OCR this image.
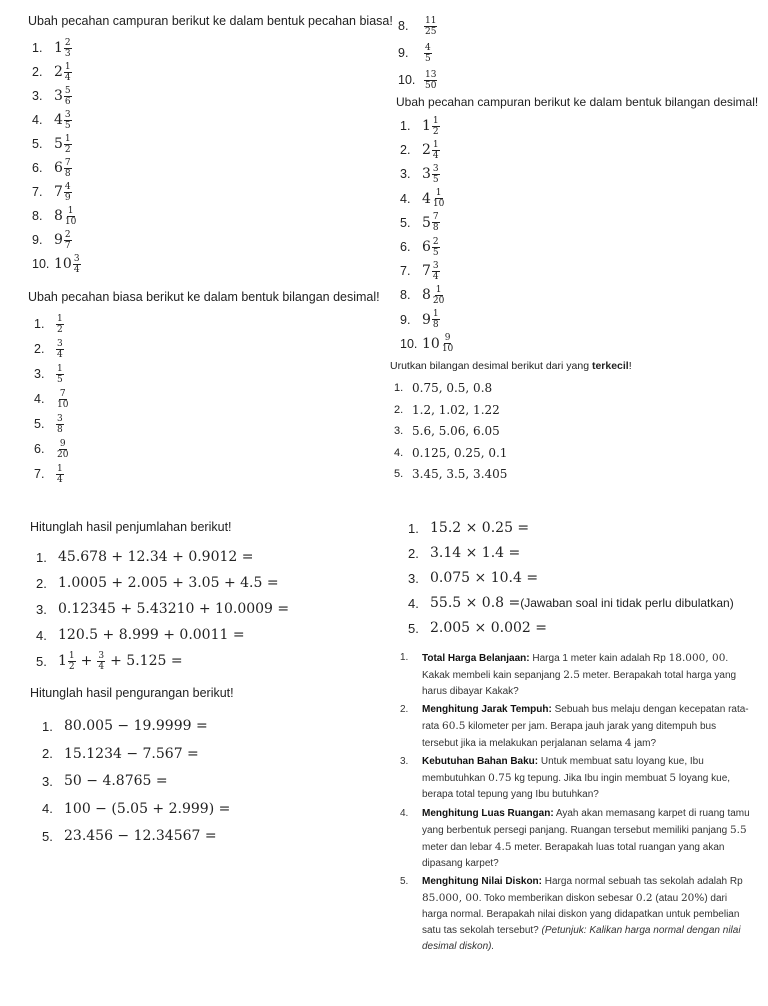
Ubah pecahan campuran berikut ke dalam bentuk pecahan biasa!
1. $1 \frac{2}{3}$
2. $2 \frac{1}{4}$
3. $3 \frac{5}{6}$
4. $4 \frac{3}{5}$
5. $5 \frac{1}{2}$
6. $6 \frac{7}{8}$
7. $7 \frac{4}{9}$
8. $8 \frac{1}{10}$
9. $9 \frac{2}{7}$
10. $10 \frac{3}{4}$
Ubah pecahan biasa berikut ke dalam bentuk bilangan desimal!
1.	$\frac{1}{2}$
2.	$\frac{3}{4}$
3.	$\frac{1}{5}$
4.	$\frac{7}{10}$
5.	$\frac{3}{8}$
6.	$\frac{9}{20}$
7.	$\frac{1}{4}$
8.	$\frac{11}{25}$
9.	$\frac{4}{5}$
10. $\frac{13}{50}$
Ubah pecahan campuran berikut ke dalam bentuk bilangan desimal!
1. $1 \frac{1}{2}$
2. $2 \frac{1}{4}$
3. $3 \frac{3}{5}$
4. $4 \frac{1}{10}$
5. $5 \frac{7}{8}$
6. $6 \frac{2}{5}$
7. $7 \frac{3}{4}$
8. $8 \frac{1}{20}$
9. $9 \frac{1}{8}$
10. $10 \frac{9}{10}$
Urutkan bilangan desimal berikut dari yang terkecil!
1. 0.75, 0.5, 0.8
2. 1.2, 1.02, 1.22
3. 5.6, 5.06, 6.05
4. 0.125, 0.25, 0.1
5. 3.45, 3.5, 3.405
Hitunglah hasil penjumlahan berikut!
1. 45.678 + 12.34 + 0.9012 =
2. 1.0005 + 2.005 + 3.05 + 4.5 =
3. 0.12345 + 5.43210 + 10.0009 =
4. 120.5 + 8.999 + 0.0011 =
5. $1 \frac{1}{2} + \frac{3}{4} + 5.125$ =
Hitunglah hasil pengurangan berikut!
1. 80.005 − 19.9999 =
2. 15.1234 − 7.567 =
3. 50 − 4.8765 =
4. 100 − (5.05 + 2.999) =
5. 23.456 − 12.34567 =
1. 15.2 × 0.25 =
2. 3.14 × 1.4 =
3. 0.075 × 10.4 =
4. 55.5 × 0.8 = (Jawaban soal ini tidak perlu dibulatkan)
5. 2.005 × 0.002 =
1. Total Harga Belanjaan: Harga 1 meter kain adalah Rp 18.000, 00. Kakak membeli kain sepanjang 2.5 meter. Berapakah total harga yang harus dibayar Kakak?
2. Menghitung Jarak Tempuh: Sebuah bus melaju dengan kecepatan rata-rata 60.5 kilometer per jam. Berapa jauh jarak yang ditempuh bus tersebut jika ia melakukan perjalanan selama 4 jam?
3. Kebutuhan Bahan Baku: Untuk membuat satu loyang kue, Ibu membutuhkan 0.75 kg tepung. Jika Ibu ingin membuat 5 loyang kue, berapa total tepung yang Ibu butuhkan?
4. Menghitung Luas Ruangan: Ayah akan memasang karpet di ruang tamu yang berbentuk persegi panjang. Ruangan tersebut memiliki panjang 5.5 meter dan lebar 4.5 meter. Berapakah luas total ruangan yang akan dipasang karpet?
5. Menghitung Nilai Diskon: Harga normal sebuah tas sekolah adalah Rp 85.000, 00. Toko memberikan diskon sebesar 0.2 (atau 20%) dari harga normal. Berapakah nilai diskon yang didapatkan untuk pembelian satu tas sekolah tersebut? (Petunjuk: Kalikan harga normal dengan nilai desimal diskon).
